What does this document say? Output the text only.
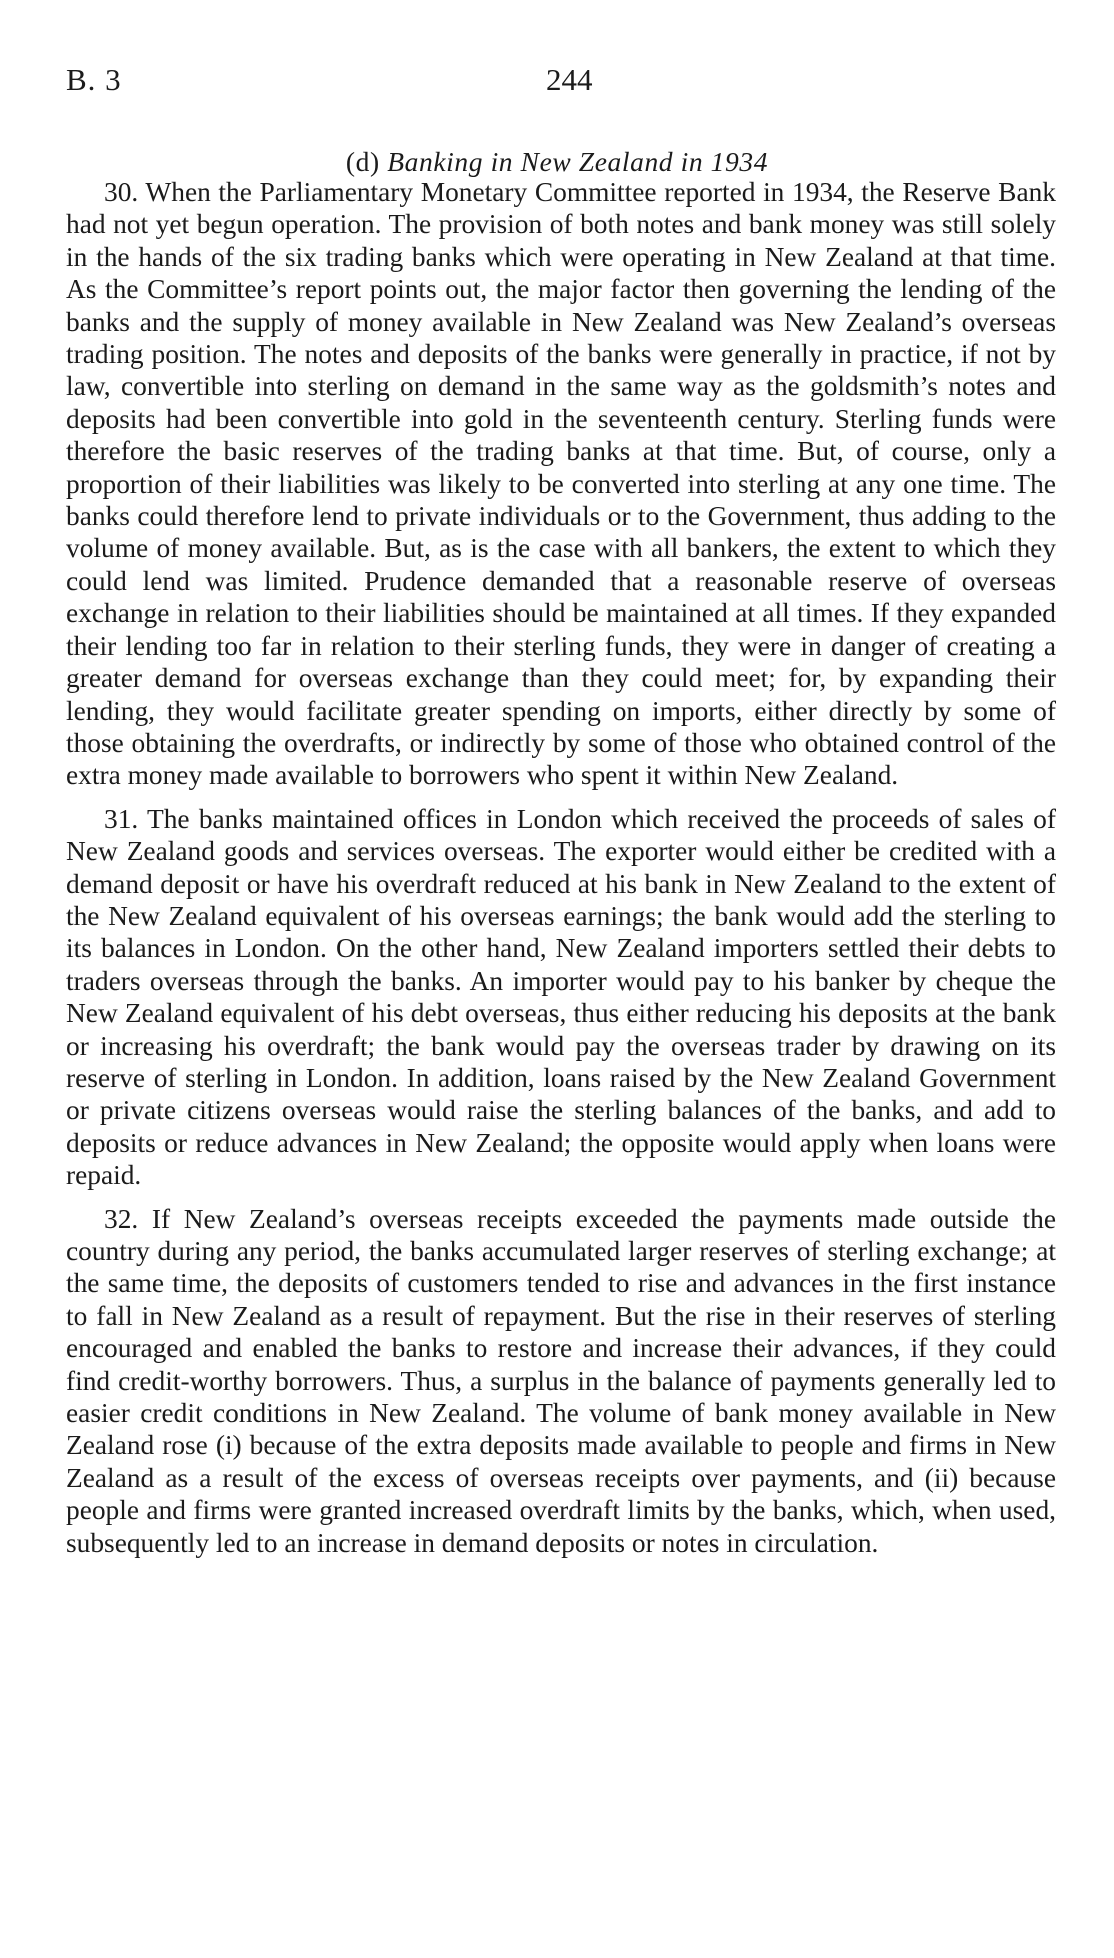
B. 3	244
(d) Banking in New Zealand in 1934

30. When the Parliamentary Monetary Committee reported in 1934, the Reserve Bank had not yet begun operation. The provision of both notes and bank money was still solely in the hands of the six trading banks which were operating in New Zealand at that time. As the Committee’s report points out, the major factor then governing the lending of the banks and the supply of money available in New Zealand was New Zealand’s overseas trading position. The notes and deposits of the banks were generally in practice, if not by law, convertible into sterling on demand in the same way as the goldsmith’s notes and deposits had been convertible into gold in the seventeenth century. Sterling funds were therefore the basic reserves of the trading banks at that time. But, of course, only a proportion of their liabilities was likely to be converted into sterling at any one time. The banks could therefore lend to private individuals or to the Government, thus adding to the volume of money available. But, as is the case with all bankers, the extent to which they could lend was limited. Prudence demanded that a reasonable reserve of overseas exchange in relation to their liabilities should be maintained at all times. If they expanded their lending too far in relation to their sterling funds, they were in danger of creating a greater demand for overseas exchange than they could meet; for, by expanding their lending, they would facilitate greater spending on imports, either directly by some of those obtaining the overdrafts, or indirectly by some of those who obtained control of the extra money made available to borrowers who spent it within New Zealand.

31. The banks maintained offices in London which received the proceeds of sales of New Zealand goods and services overseas. The exporter would either be credited with a demand deposit or have his overdraft reduced at his bank in New Zealand to the extent of the New Zealand equivalent of his overseas earnings; the bank would add the sterling to its balances in London. On the other hand, New Zealand importers settled their debts to traders overseas through the banks. An importer would pay to his banker by cheque the New Zealand equivalent of his debt overseas, thus either reducing his deposits at the bank or increasing his overdraft; the bank would pay the overseas trader by drawing on its reserve of sterling in London. In addition, loans raised by the New Zealand Government or private citizens overseas would raise the sterling balances of the banks, and add to deposits or reduce advances in New Zealand; the opposite would apply when loans were repaid.

32. If New Zealand’s overseas receipts exceeded the payments made outside the country during any period, the banks accumulated larger reserves of sterling exchange; at the same time, the deposits of customers tended to rise and advances in the first instance to fall in New Zealand as a result of repayment. But the rise in their reserves of sterling encouraged and enabled the banks to restore and increase their advances, if they could find credit-worthy borrowers. Thus, a surplus in the balance of payments generally led to easier credit conditions in New Zealand. The volume of bank money available in New Zealand rose (i) because of the extra deposits made available to people and firms in New Zealand as a result of the excess of overseas receipts over payments, and (ii) because people and firms were granted increased overdraft limits by the banks, which, when used, subsequently led to an increase in demand deposits or notes in circulation.
